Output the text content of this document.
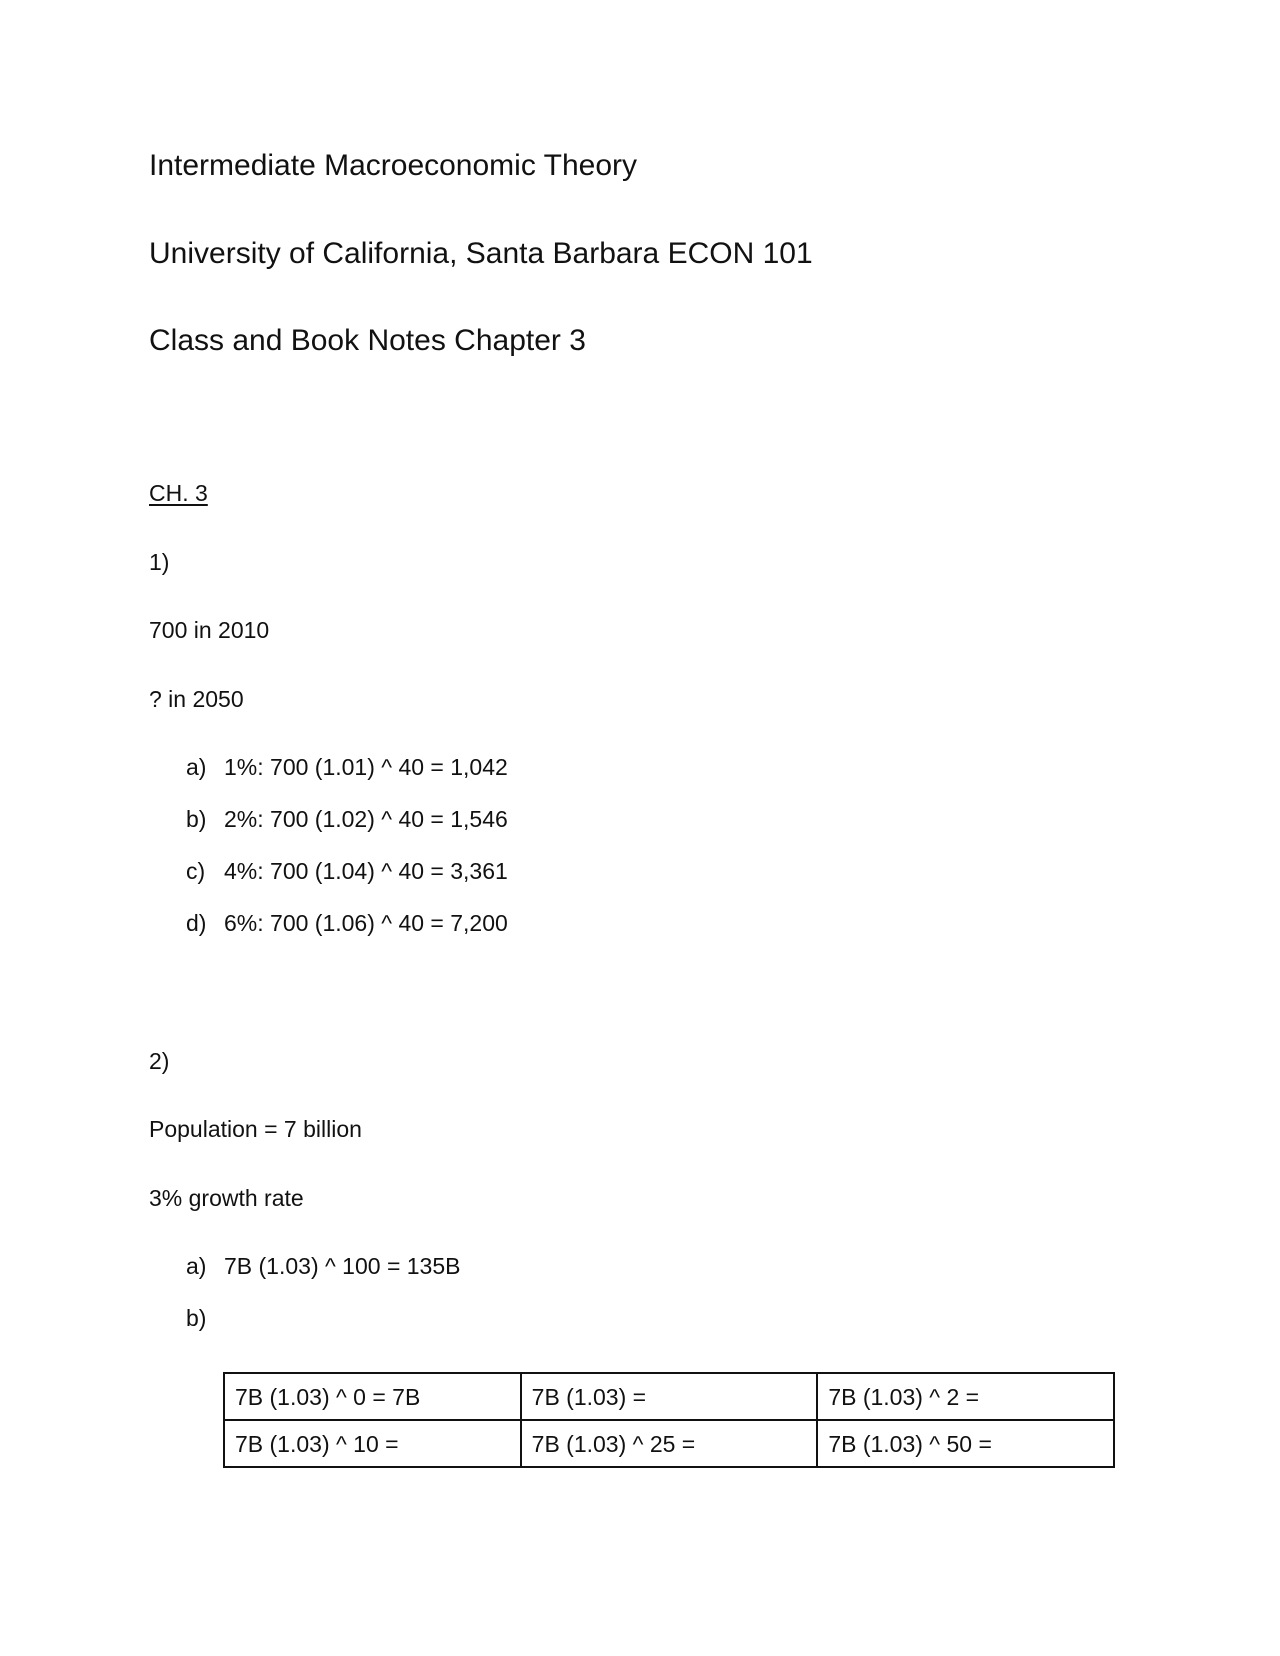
Intermediate Macroeconomic Theory
University of California, Santa Barbara ECON 101
Class and Book Notes Chapter 3
CH. 3
1)
700 in 2010
? in 2050
a) 1%: 700 (1.01) ^ 40 = 1,042
b) 2%: 700 (1.02) ^ 40 = 1,546
c) 4%: 700 (1.04) ^ 40 = 3,361
d) 6%: 700 (1.06) ^ 40 = 7,200
2)
Population = 7 billion
3% growth rate
a) 7B (1.03) ^ 100 = 135B
b)
7B (1.03) ^ 0 = 7B	7B (1.03) =	7B (1.03) ^ 2 =
7B (1.03) ^ 10 =	7B (1.03) ^ 25 =	7B (1.03) ^ 50 =
